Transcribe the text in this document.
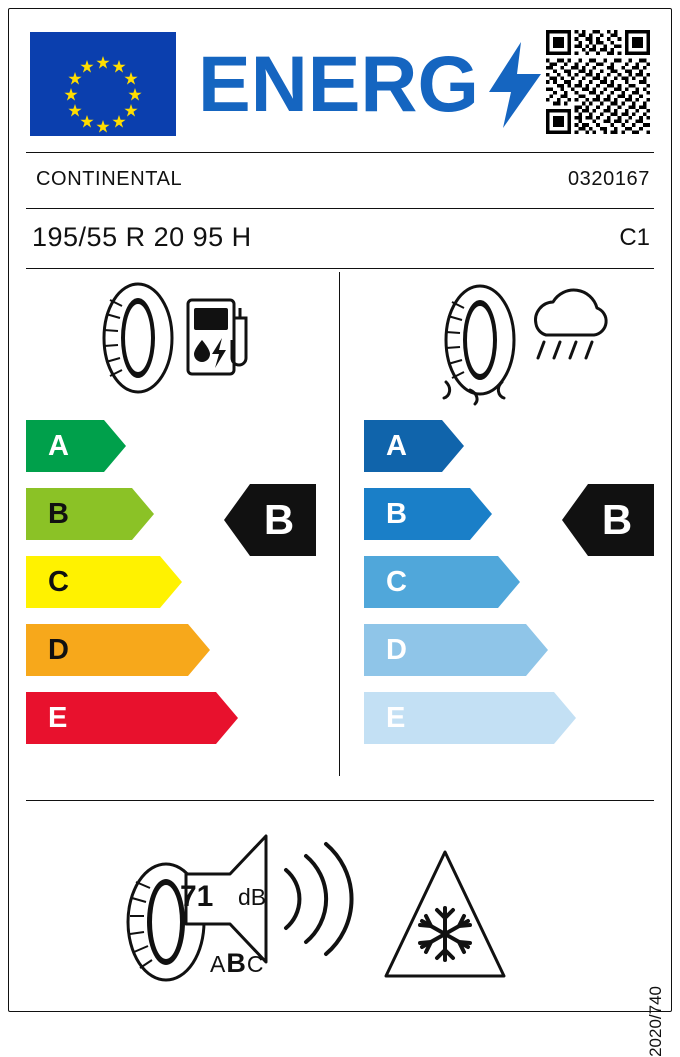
ENERG
CONTINENTAL	0320167
195/55 R 20 95 H	C1
A
B
C
D
E
A
B
C
D
E
B	B
71 dB
ABC
2020/740
